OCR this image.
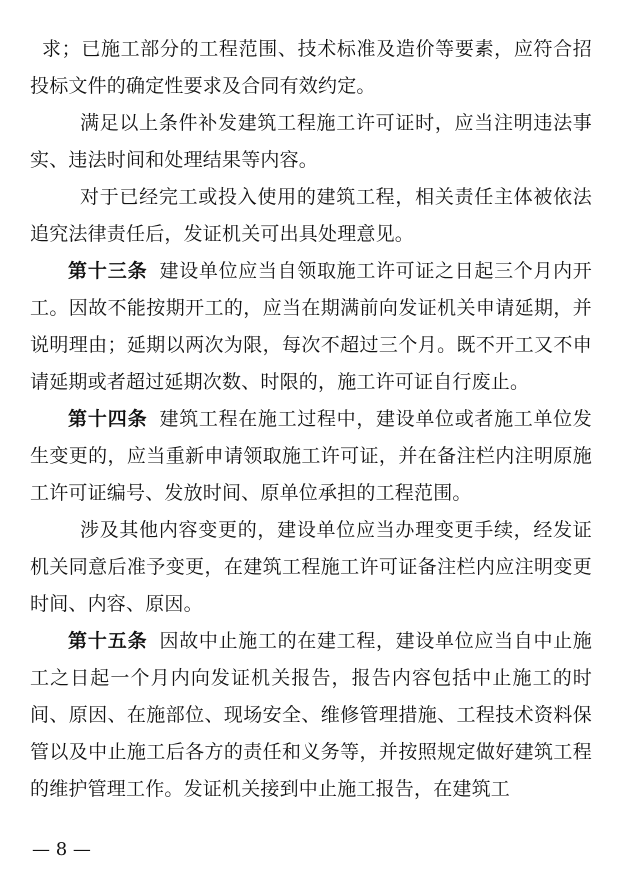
求；已施工部分的工程范围、技术标准及造价等要素，应符合招投标文件的确定性要求及合同有效约定。

满足以上条件补发建筑工程施工许可证时，应当注明违法事实、违法时间和处理结果等内容。

对于已经完工或投入使用的建筑工程，相关责任主体被依法追究法律责任后，发证机关可出具处理意见。

第十三条 建设单位应当自领取施工许可证之日起三个月内开工。因故不能按期开工的，应当在期满前向发证机关申请延期，并说明理由；延期以两次为限，每次不超过三个月。既不开工又不申请延期或者超过延期次数、时限的，施工许可证自行废止。

第十四条 建筑工程在施工过程中，建设单位或者施工单位发生变更的，应当重新申请领取施工许可证，并在备注栏内注明原施工许可证编号、发放时间、原单位承担的工程范围。

涉及其他内容变更的，建设单位应当办理变更手续，经发证机关同意后准予变更，在建筑工程施工许可证备注栏内应注明变更时间、内容、原因。

第十五条 因故中止施工的在建工程，建设单位应当自中止施工之日起一个月内向发证机关报告，报告内容包括中止施工的时间、原因、在施部位、现场安全、维修管理措施、工程技术资料保管以及中止施工后各方的责任和义务等，并按照规定做好建筑工程的维护管理工作。发证机关接到中止施工报告，在建筑工

— 8 —
